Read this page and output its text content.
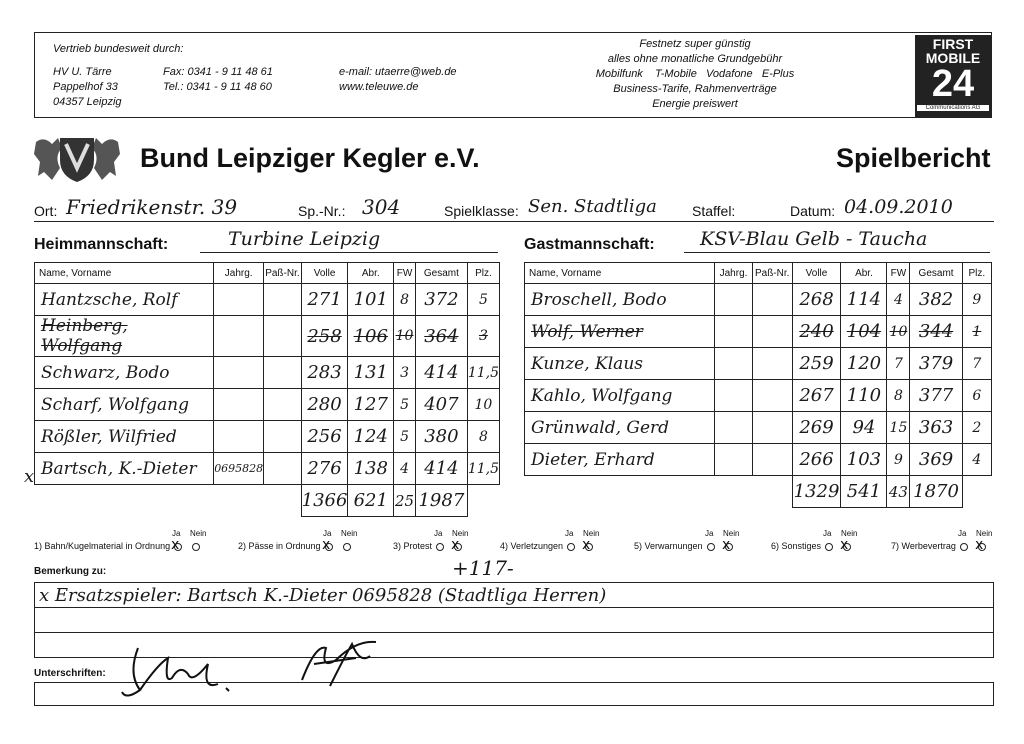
Vertrieb bundesweit durch:
HV U. Tärre
Pappelhof 33
04357 Leipzig
Fax: 0341 - 9 11 48 61
Tel.: 0341 - 9 11 48 60
e-mail: utaerre@web.de
www.teleuwe.de
Festnetz super günstig
alles ohne monatliche Grundgebühr
Mobilfunk    T-Mobile   Vodafone   E-Plus
Business-Tarife, Rahmenverträge
Energie preiswert
FIRST MOBILE
24
Communications AG
Bund Leipziger Kegler e.V.	Spielbericht
Ort: Friedrikenstr. 39	Sp.-Nr.: 304	Spielklasse: Sen. Stadtliga	Staffel:	Datum: 04.09.2010
Heimmannschaft:	Turbine Leipzig	Gastmannschaft: KSV-Blau Gelb - Taucha
Name, Vorname	Jahrg.	Paß-Nr.	Volle	Abr.	FW	Gesamt	Plz.
Hantzsche, Rolf			271	101	8	372	5
Heinberg, Wolfgang			258	106	10	364	3
Schwarz, Bodo			283	131	3	414	11,5
Scharf, Wolfgang			280	127	5	407	10
Rößler, Wilfried			256	124	5	380	8
Bartsch, K.-Dieter	0695828		276	138	4	414	11,5
			1366	621	25	1987	
Name, Vorname	Jahrg.	Paß-Nr.	Volle	Abr.	FW	Gesamt	Plz.
Broschell, Bodo			268	114	4	382	9
Wolf, Werner			240	104	10	344	1
Kunze, Klaus			259	120	7	379	7
Kahlo, Wolfgang			267	110	8	377	6
Grünwald, Gerd			269	94	15	363	2
Dieter, Erhard			266	103	9	369	4
			1329	541	43	1870	
x
1) Bahn/Kugelmaterial in Ordnung
Ja
x
Nein
2) Pässe in Ordnung
Ja
x
Nein
3) Protest
Ja Nein
x	4) Verletzungen
Ja Nein
x	5) Verwarnungen
Ja Nein
x	6) Sonstiges
Ja Nein
x	7) Werbevertrag
Ja Nein
x
+117-
Bemerkung zu:
x Ersatzspieler: Bartsch K.-Dieter 0695828 (Stadtliga Herren)
Unterschriften:
